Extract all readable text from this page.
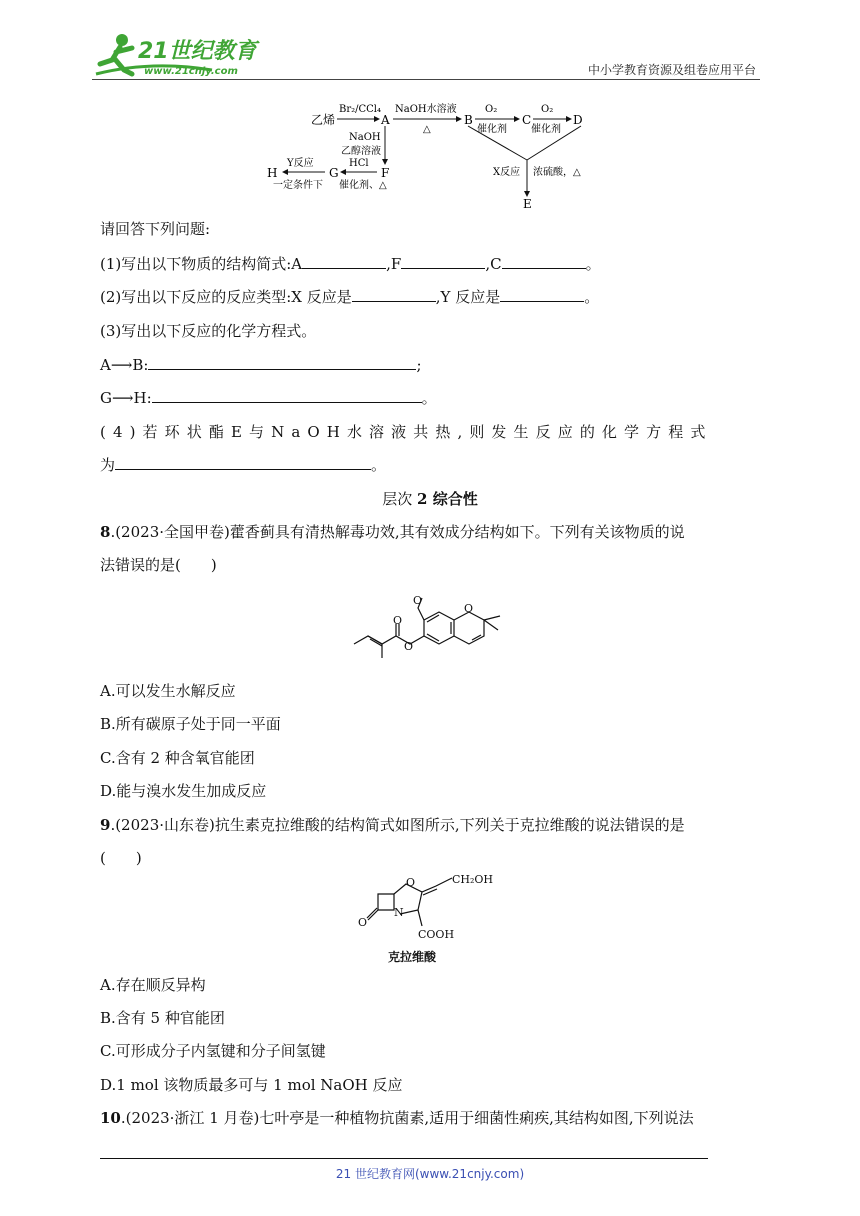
21世纪教育
www.21cnjy.com	中小学教育资源及组卷应用平台
乙烯
Br₂/CCl₄
A
NaOH水溶液
△
B
O₂
催化剂
C
O₂
催化剂
D
NaOH
乙醇溶液
F
HCl
催化剂、△
G
Y反应
一定条件下
H	X反应 浓硫酸，△
E
请回答下列问题:
(1)写出以下物质的结构简式:A	,F	,C	。
(2)写出以下反应的反应类型:X 反应是	,Y 反应是	。
(3)写出以下反应的化学方程式。
A⟶B:	;
G⟶H:	。
(4)若环状酯E与NaOH水溶液共热,则发生反应的化学方程式
为	。
层次 2 综合性
8.(2023·全国甲卷)藿香蓟具有清热解毒功效,其有效成分结构如下。下列有关该物质的说
法错误的是(　　)
O
O
O
O
A.可以发生水解反应
B.所有碳原子处于同一平面
C.含有 2 种含氧官能团
D.能与溴水发生加成反应
9.(2023·山东卷)抗生素克拉维酸的结构简式如图所示,下列关于克拉维酸的说法错误的是
(　　)
O
N
O	CH₂OH
COOH
克拉维酸
A.存在顺反异构
B.含有 5 种官能团
C.可形成分子内氢键和分子间氢键
D.1 mol 该物质最多可与 1 mol NaOH 反应
10.(2023·浙江 1 月卷)七叶亭是一种植物抗菌素,适用于细菌性痢疾,其结构如图,下列说法
21 世纪教育网(www.21cnjy.com)
